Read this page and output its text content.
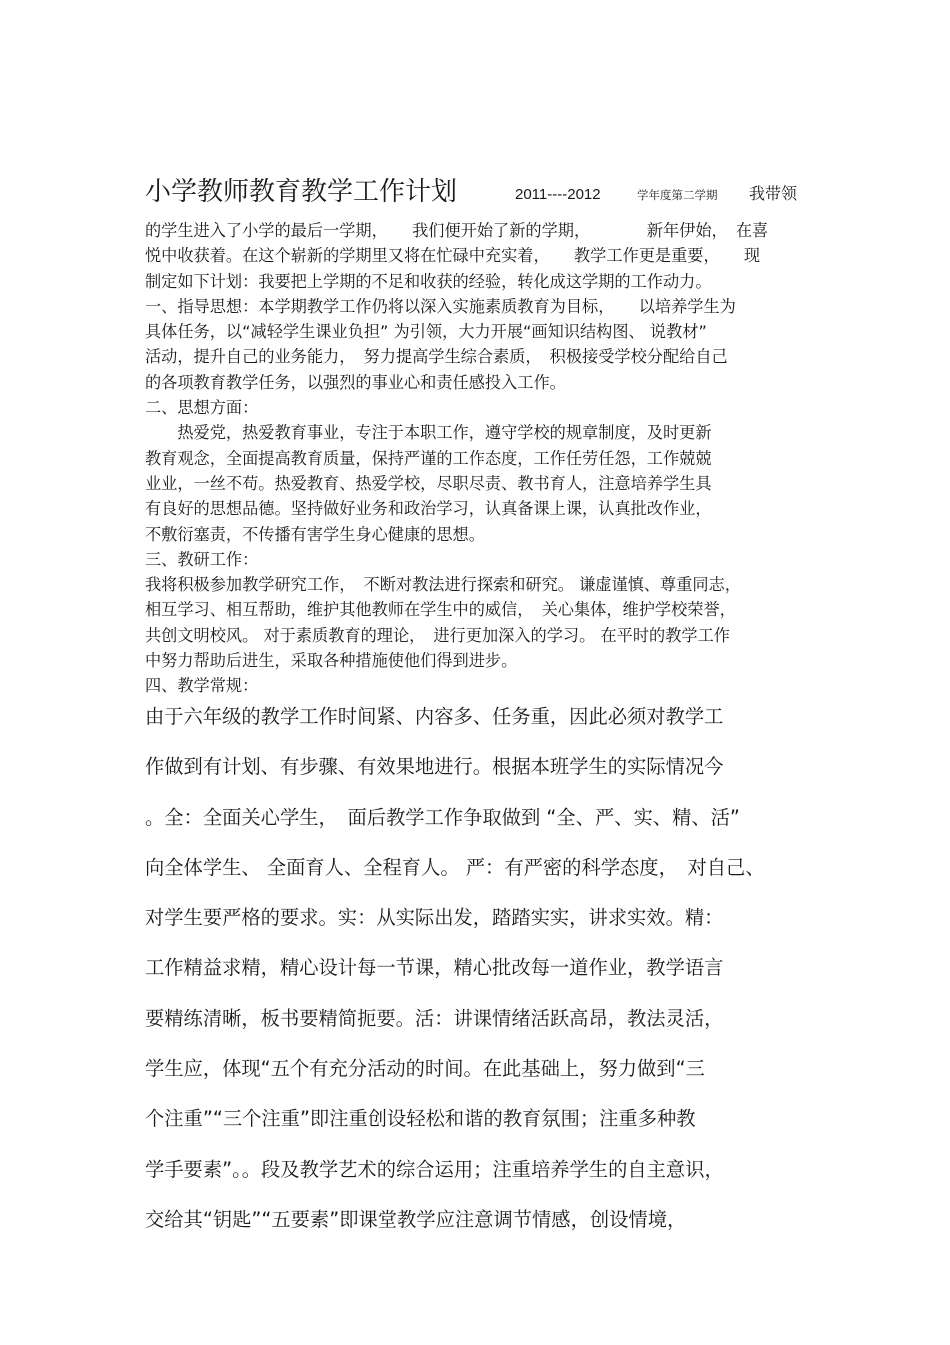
小学教师教育教学工作计划	2011----2012	学年度第二学期 我带领
的学生进入了小学的最后一学期，　　我们便开始了新的学期，　　　　新年伊始，　在喜
悦中收获着。在这个崭新的学期里又将在忙碌中充实着，　　教学工作更是重要，　　现
制定如下计划：我要把上学期的不足和收获的经验，转化成这学期的工作动力。
一、指导思想：本学期教学工作仍将以深入实施素质教育为目标，　　以培养学生为
具体任务，以“减轻学生课业负担” 为引领，大力开展“画知识结构图、 说教材”
活动，提升自己的业务能力，　努力提高学生综合素质，　积极接受学校分配给自己
的各项教育教学任务，以强烈的事业心和责任感投入工作。
二、思想方面：
　　热爱党，热爱教育事业，专注于本职工作，遵守学校的规章制度，及时更新
教育观念，全面提高教育质量，保持严谨的工作态度，工作任劳任怨，工作兢兢
业业，一丝不苟。热爱教育、热爱学校，尽职尽责、教书育人，注意培养学生具
有良好的思想品德。坚持做好业务和政治学习，认真备课上课，认真批改作业，
不敷衍塞责，不传播有害学生身心健康的思想。
三、教研工作：
我将积极参加教学研究工作，　不断对教法进行探索和研究。 谦虚谨慎、尊重同志，
相互学习、相互帮助，维护其他教师在学生中的威信，　关心集体，维护学校荣誉，
共创文明校风。 对于素质教育的理论，　进行更加深入的学习。 在平时的教学工作
中努力帮助后进生，采取各种措施使他们得到进步。
四、教学常规：
由于六年级的教学工作时间紧、内容多、任务重，因此必须对教学工
作做到有计划、有步骤、有效果地进行。根据本班学生的实际情况今
。全：全面关心学生，　面后教学工作争取做到 “全、严、实、精、活”
向全体学生、 全面育人、全程育人。 严：有严密的科学态度，　对自己、
对学生要严格的要求。实：从实际出发，踏踏实实，讲求实效。精：
工作精益求精，精心设计每一节课，精心批改每一道作业，教学语言
要精练清晰，板书要精简扼要。活：讲课情绪活跃高昂，教法灵活，
学生应，体现“五个有充分活动的时间。在此基础上，努力做到“三
个注重”“三个注重”即注重创设轻松和谐的教育氛围；注重多种教
学手要素”。。段及教学艺术的综合运用；注重培养学生的自主意识，
交给其“钥匙”“五要素”即课堂教学应注意调节情感，创设情境，
